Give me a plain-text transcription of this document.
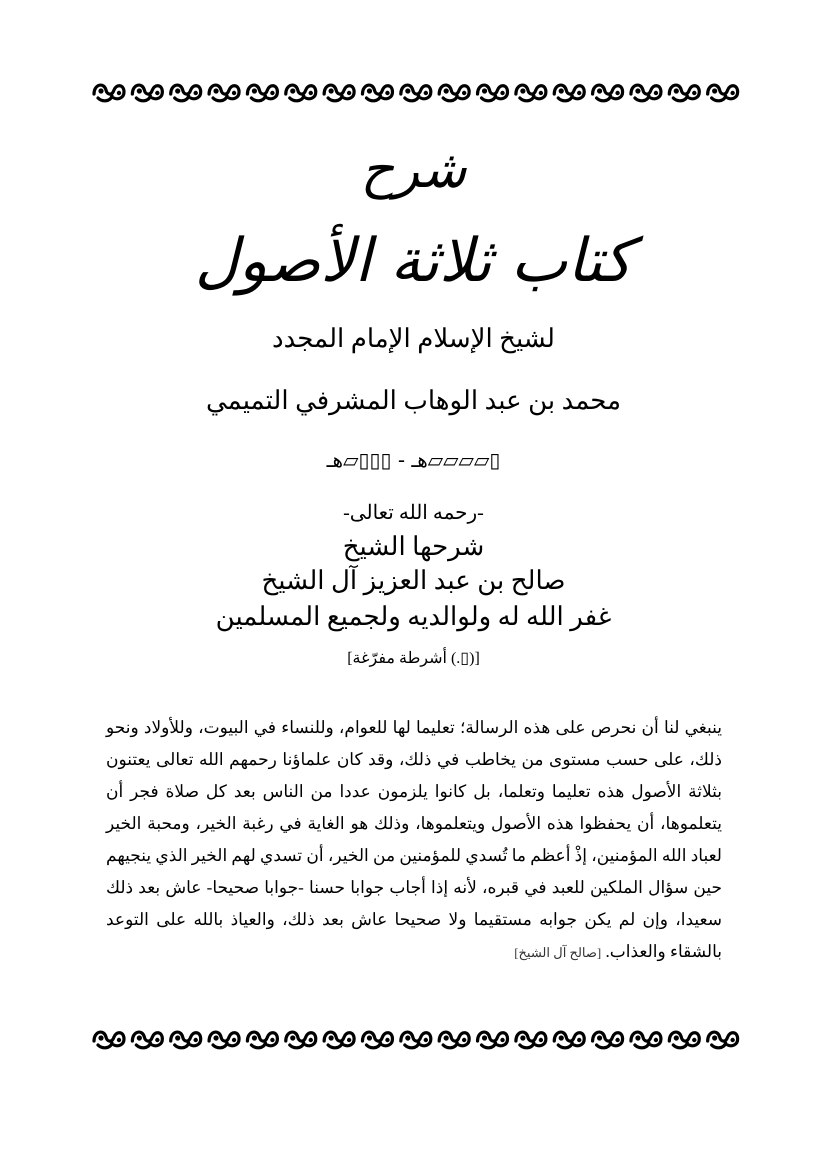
شرح
كتاب ثلاثة الأصول
لشيخ الإسلام الإمام المجدد
محمد بن عبد الوهاب المشرفي التميمي
▯▱▱▱▱هـ - ▯▯▯▱هـ
-رحمه الله تعالى-
شرحها الشيخ
صالح بن عبد العزيز آل الشيخ
غفر الله له ولوالديه ولجميع المسلمين
[(▯.) أشرطة مفرّغة]
ينبغي لنا أن نحرص على هذه الرسالة؛ تعليما لها للعوام، وللنساء في البيوت، وللأولاد ونحو ذلك، على حسب مستوى من يخاطب في ذلك، وقد كان علماؤنا رحمهم الله تعالى يعتنون بثلاثة الأصول هذه تعليما وتعلما، بل كانوا يلزمون عددا من الناس بعد كل صلاة فجر أن يتعلموها، أن يحفظوا هذه الأصول ويتعلموها، وذلك هو الغاية في رغبة الخير، ومحبة الخير لعباد الله المؤمنين، إذْ أعظم ما تُسدي للمؤمنين من الخير، أن تسدي لهم الخير الذي ينجيهم حين سؤال الملكين للعبد في قبره، لأنه إذا أجاب جوابا حسنا -جوابا صحيحا- عاش بعد ذلك سعيدا، وإن لم يكن جوابه مستقيما ولا صحيحا عاش بعد ذلك، والعياذ بالله على التوعد بالشقاء والعذاب. [صالح آل الشيخ]
